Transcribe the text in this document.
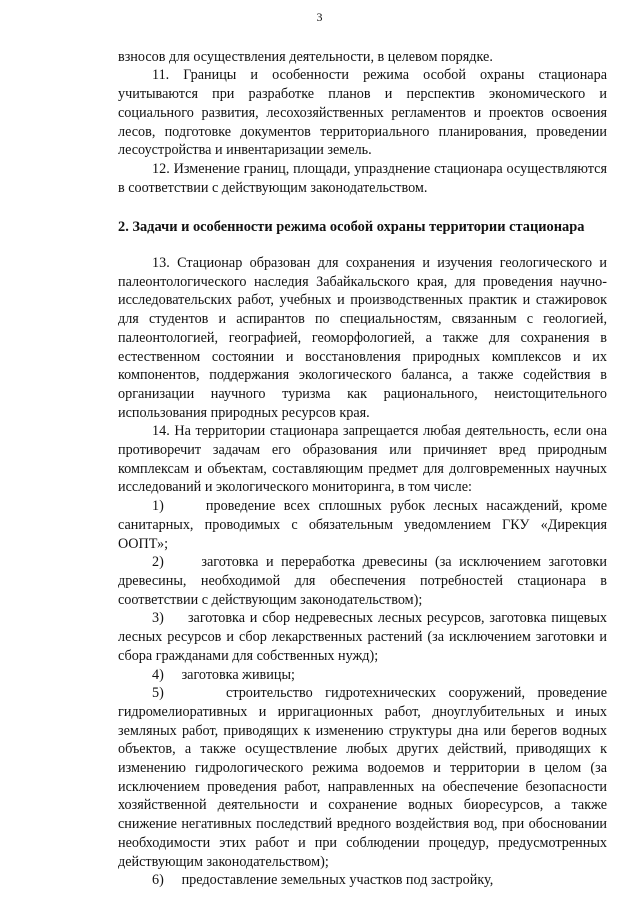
3

взносов для осуществления деятельности, в целевом порядке.

11. Границы и особенности режима особой охраны стационара учитываются при разработке планов и перспектив экономического и социального развития, лесохозяйственных регламентов и проектов освоения лесов, подготовке документов территориального планирования, проведении лесоустройства и инвентаризации земель.

12. Изменение границ, площади, упразднение стационара осуществляются в соответствии с действующим законодательством.

2. Задачи и особенности режима особой охраны территории стационара

13. Стационар образован для сохранения и изучения геологического и палеонтологического наследия Забайкальского края, для проведения научно-исследовательских работ, учебных и производственных практик и стажировок для студентов и аспирантов по специальностям, связанным с геологией, палеонтологией, географией, геоморфологией, а также для сохранения в естественном состоянии и восстановления природных комплексов и их компонентов, поддержания экологического баланса, а также содействия в организации научного туризма как рационального, неистощительного использования природных ресурсов края.

14. На территории стационара запрещается любая деятельность, если она противоречит задачам его образования или причиняет вред природным комплексам и объектам, составляющим предмет для долговременных научных исследований и экологического мониторинга, в том числе:

1)	проведение всех сплошных рубок лесных насаждений, кроме санитарных, проводимых с обязательным уведомлением ГКУ «Дирекция ООПТ»;

2)	заготовка и переработка древесины (за исключением заготовки древесины, необходимой для обеспечения потребностей стационара в соответствии с действующим законодательством);

3) заготовка и сбор недревесных лесных ресурсов, заготовка пищевых лесных ресурсов и сбор лекарственных растений (за исключением заготовки и сбора гражданами для собственных нужд);

4) заготовка живицы;

5)	строительство гидротехнических сооружений, проведение гидромелиоративных и ирригационных работ, дноуглубительных и иных земляных работ, приводящих к изменению структуры дна или берегов водных объектов, а также осуществление любых других действий, приводящих к изменению гидрологического режима водоемов и территории в целом (за исключением проведения работ, направленных на обеспечение безопасности хозяйственной деятельности и сохранение водных биоресурсов, а также снижение негативных последствий вредного воздействия вод, при обосновании необходимости этих работ и при соблюдении процедур, предусмотренных действующим законодательством);

6) предоставление земельных участков под застройку,
